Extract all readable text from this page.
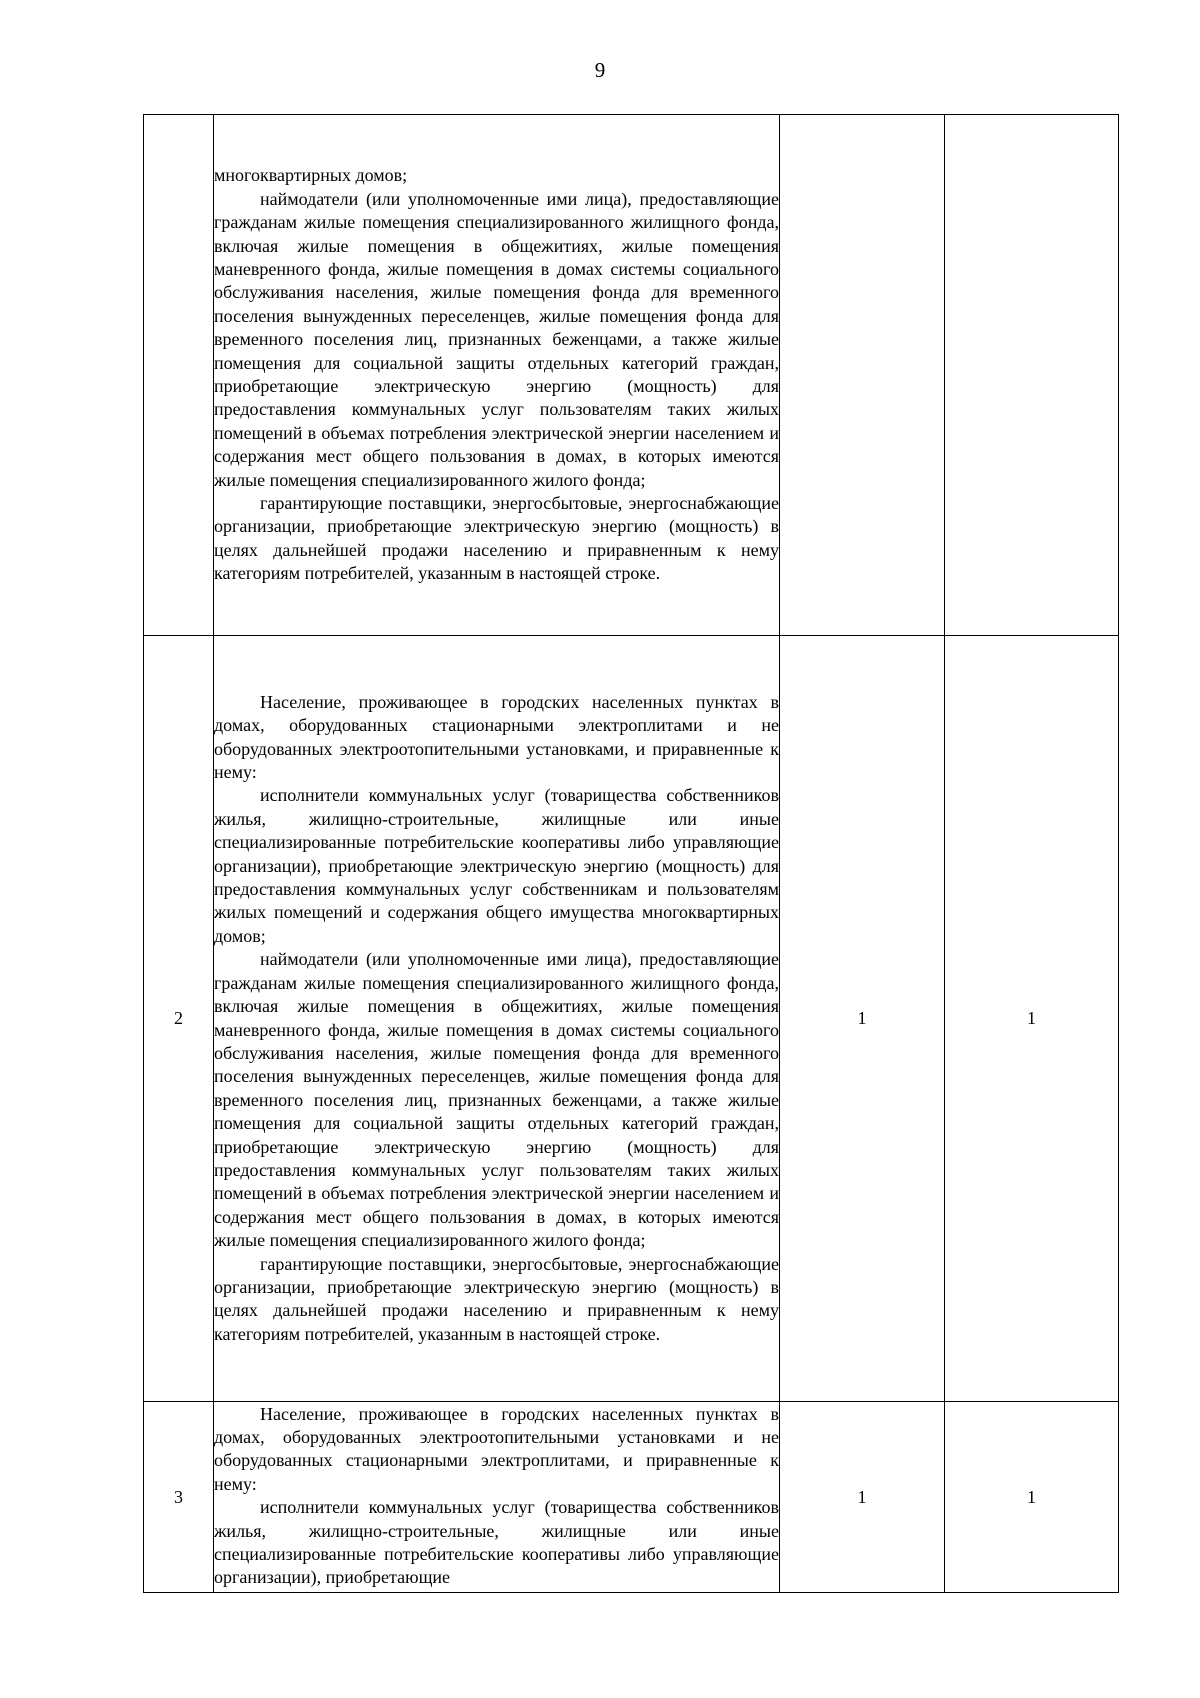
9

	многоквартирных домов;

наймодатели (или уполномоченные ими лица), предоставляющие гражданам жилые помещения специализированного жилищного фонда, включая жилые помещения в общежитиях, жилые помещения маневренного фонда, жилые помещения в домах системы социального обслуживания населения, жилые помещения фонда для временного поселения вынужденных переселенцев, жилые помещения фонда для временного поселения лиц, признанных беженцами, а также жилые помещения для социальной защиты отдельных категорий граждан, приобретающие электрическую энергию (мощность) для предоставления коммунальных услуг пользователям таких жилых помещений в объемах потребления электрической энергии населением и содержания мест общего пользования в домах, в которых имеются жилые помещения специализированного жилого фонда;

гарантирующие поставщики, энергосбытовые, энергоснабжающие организации, приобретающие электрическую энергию (мощность) в целях дальнейшей продажи населению и приравненным к нему категориям потребителей, указанным в настоящей строке.		

2	Население, проживающее в городских населенных пунктах в домах, оборудованных стационарными электроплитами и не оборудованных электроотопительными установками, и приравненные к нему:

исполнители коммунальных услуг (товарищества собственников жилья, жилищно-строительные, жилищные или иные специализированные потребительские кооперативы либо управляющие организации), приобретающие электрическую энергию (мощность) для предоставления коммунальных услуг собственникам и пользователям жилых помещений и содержания общего имущества многоквартирных домов;

наймодатели (или уполномоченные ими лица), предоставляющие гражданам жилые помещения специализированного жилищного фонда, включая жилые помещения в общежитиях, жилые помещения маневренного фонда, жилые помещения в домах системы социального обслуживания населения, жилые помещения фонда для временного поселения вынужденных переселенцев, жилые помещения фонда для временного поселения лиц, признанных беженцами, а также жилые помещения для социальной защиты отдельных категорий граждан, приобретающие электрическую энергию (мощность) для предоставления коммунальных услуг пользователям таких жилых помещений в объемах потребления электрической энергии населением и содержания мест общего пользования в домах, в которых имеются жилые помещения специализированного жилого фонда;

гарантирующие поставщики, энергосбытовые, энергоснабжающие организации, приобретающие электрическую энергию (мощность) в целях дальнейшей продажи населению и приравненным к нему категориям потребителей, указанным в настоящей строке.	1	1
3	Население, проживающее в городских населенных пунктах в домах, оборудованных электроотопительными установками и не оборудованных стационарными электроплитами, и приравненные к нему:

исполнители коммунальных услуг (товарищества собственников жилья, жилищно-строительные, жилищные или иные специализированные потребительские кооперативы либо управляющие организации), приобретающие	1	1
